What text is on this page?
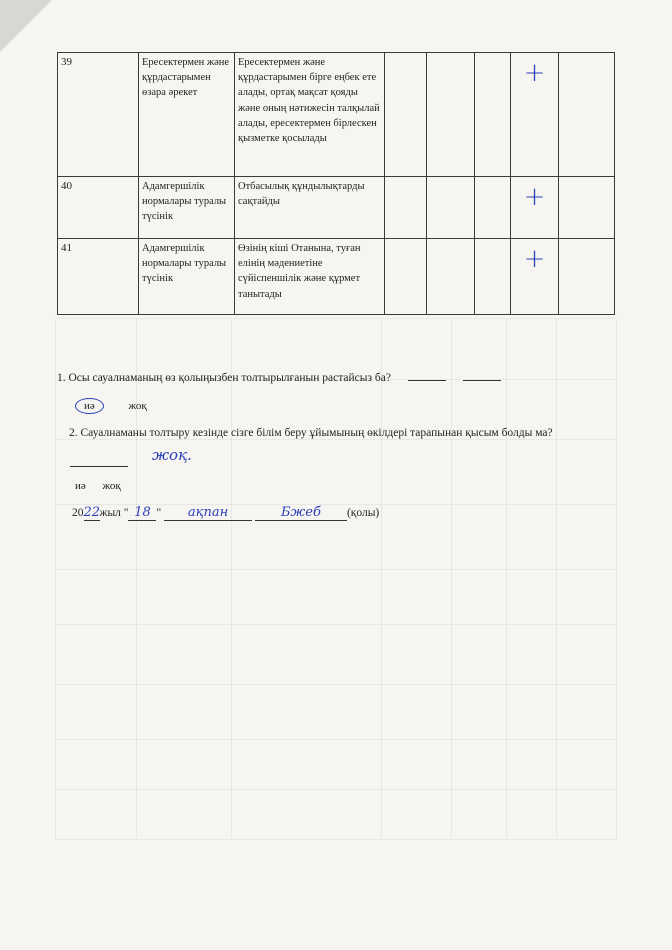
39	Ересектермен және құрдастарымен өзара әрекет	Ересектермен және құрдастарымен бірге еңбек ете алады, ортақ мақсат қояды және оның нәтижесін талқылай алады, ересектермен бірлескен қызметке қосылады				+	

40	Адамгершілік нормалары туралы түсінік	Отбасылық құндылықтарды сақтайды				+	

41	Адамгершілік нормалары туралы түсінік	Өзінің кіші Отанына, туған елінің мәдениетіне сүйіспеншілік және құрмет танытады				+	

1. Осы сауалнаманың өз қолыңызбен толтырылғанын растайсыз ба?
иә	жоқ
2. Сауалнаманы толтыру кезінде сізге білім беру ұйымының өкілдері тарапынан қысым болды ма?
жоқ.
иә жоқ
2022жыл " 18 " ақпан	Бжеб (қолы)
